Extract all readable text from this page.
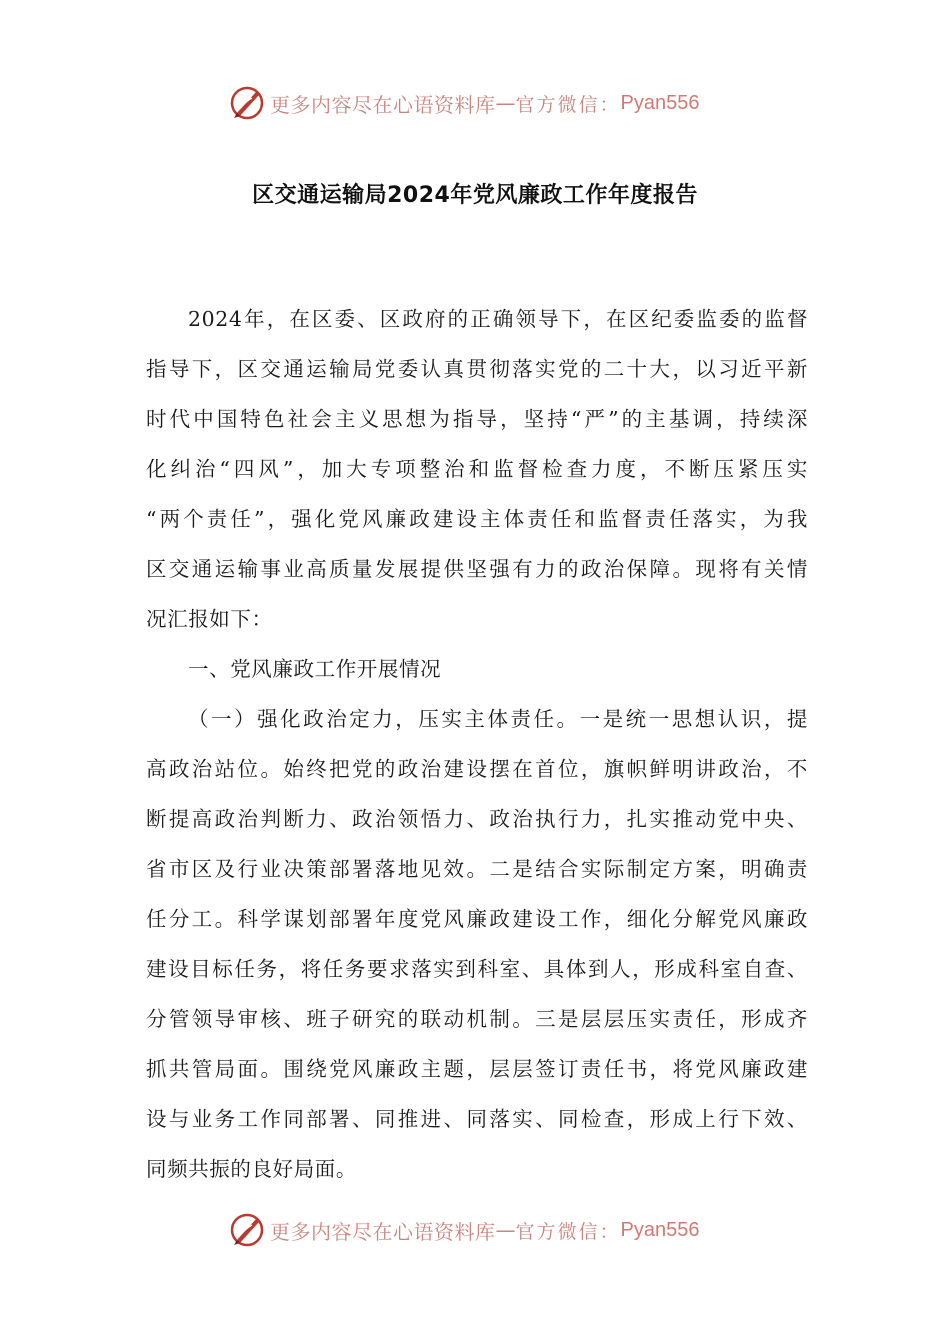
更多内容尽在心语资料库 — 官方微信： Pyan556
区交通运输局2024年党风廉政工作年度报告
2024年，在区委、区政府的正确领导下，在区纪委监委的监督
指导下，区交通运输局党委认真贯彻落实党的二十大，以习近平新
时代中国特色社会主义思想为指导，坚持“严”的主基调，持续深
化纠治“四风”，加大专项整治和监督检查力度，不断压紧压实
“两个责任”，强化党风廉政建设主体责任和监督责任落实，为我
区交通运输事业高质量发展提供坚强有力的政治保障。现将有关情
况汇报如下：
一、党风廉政工作开展情况
（一）强化政治定力，压实主体责任。一是统一思想认识，提
高政治站位。始终把党的政治建设摆在首位，旗帜鲜明讲政治，不
断提高政治判断力、政治领悟力、政治执行力，扎实推动党中央、
省市区及行业决策部署落地见效。二是结合实际制定方案，明确责
任分工。科学谋划部署年度党风廉政建设工作，细化分解党风廉政
建设目标任务，将任务要求落实到科室、具体到人，形成科室自查、
分管领导审核、班子研究的联动机制。三是层层压实责任，形成齐
抓共管局面。围绕党风廉政主题，层层签订责任书，将党风廉政建
设与业务工作同部署、同推进、同落实、同检查，形成上行下效、
同频共振的良好局面。
更多内容尽在心语资料库 — 官方微信： Pyan556
